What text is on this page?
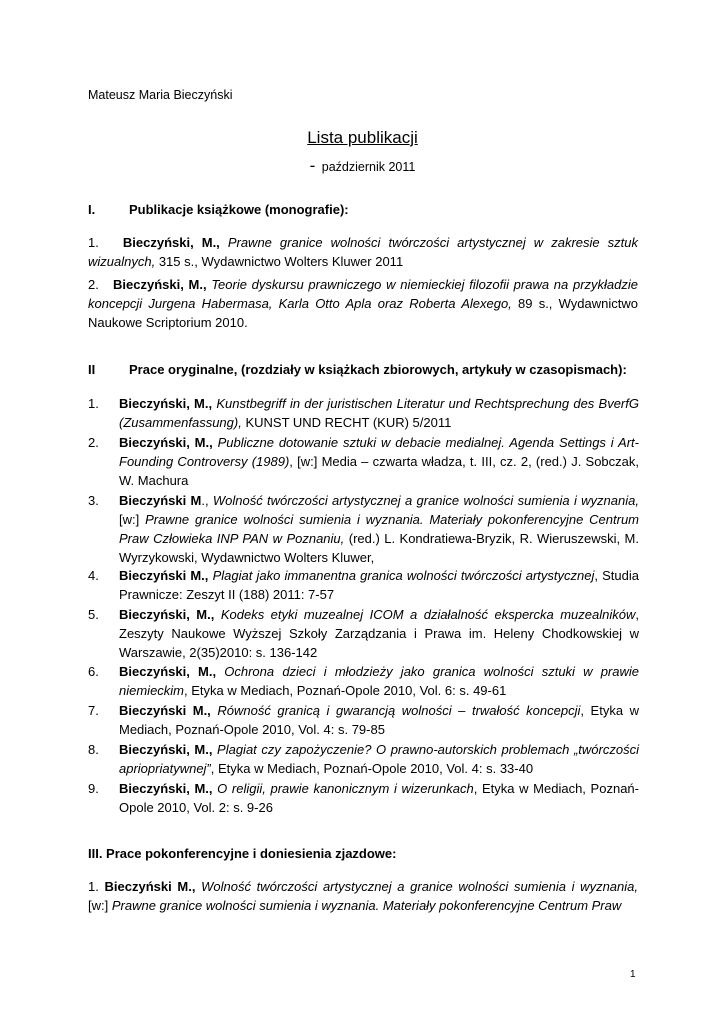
Mateusz Maria Bieczyński
Lista publikacji
- październik 2011
I.	Publikacje książkowe (monografie):
1. Bieczyński, M., Prawne granice wolności twórczości artystycznej w zakresie sztuk wizualnych, 315 s., Wydawnictwo Wolters Kluwer 2011
2. Bieczyński, M., Teorie dyskursu prawniczego w niemieckiej filozofii prawa na przykładzie koncepcji Jurgena Habermasa, Karla Otto Apla oraz Roberta Alexego, 89 s., Wydawnictwo Naukowe Scriptorium 2010.
II	Prace oryginalne, (rozdziały w książkach zbiorowych, artykuły w czasopismach):
1. Bieczyński, M., Kunstbegriff in der juristischen Literatur und Rechtsprechung des BverfG (Zusammenfassung), KUNST UND RECHT (KUR) 5/2011
2. Bieczyński, M., Publiczne dotowanie sztuki w debacie medialnej. Agenda Settings i Art-Founding Controversy (1989), [w:] Media – czwarta władza, t. III, cz. 2, (red.) J. Sobczak, W. Machura
3. Bieczyński M., Wolność twórczości artystycznej a granice wolności sumienia i wyznania, [w:] Prawne granice wolności sumienia i wyznania. Materiały pokonferencyjne Centrum Praw Człowieka INP PAN w Poznaniu, (red.) L. Kondratiewa-Bryzik, R. Wieruszewski, M. Wyrzykowski, Wydawnictwo Wolters Kluwer,
4. Bieczyński M., Plagiat jako immanentna granica wolności twórczości artystycznej, Studia Prawnicze: Zeszyt II (188) 2011: 7-57
5. Bieczyński, M., Kodeks etyki muzealnej ICOM a działalność ekspercka muzealników, Zeszyty Naukowe Wyższej Szkoły Zarządzania i Prawa im. Heleny Chodkowskiej w Warszawie, 2(35)2010: s. 136-142
6. Bieczyński, M., Ochrona dzieci i młodzieży jako granica wolności sztuki w prawie niemieckim, Etyka w Mediach, Poznań-Opole 2010, Vol. 6: s. 49-61
7. Bieczyński M., Równość granicą i gwarancją wolności – trwałość koncepcji, Etyka w Mediach, Poznań-Opole 2010, Vol. 4: s. 79-85
8. Bieczyński, M., Plagiat czy zapożyczenie? O prawno-autorskich problemach „twórczości apriopriatywnej”, Etyka w Mediach, Poznań-Opole 2010, Vol. 4: s. 33-40
9. Bieczyński, M., O religii, prawie kanonicznym i wizerunkach, Etyka w Mediach, Poznań-Opole 2010, Vol. 2: s. 9-26
III. Prace pokonferencyjne i doniesienia zjazdowe:
1. Bieczyński M., Wolność twórczości artystycznej a granice wolności sumienia i wyznania, [w:] Prawne granice wolności sumienia i wyznania. Materiały pokonferencyjne Centrum Praw
1
